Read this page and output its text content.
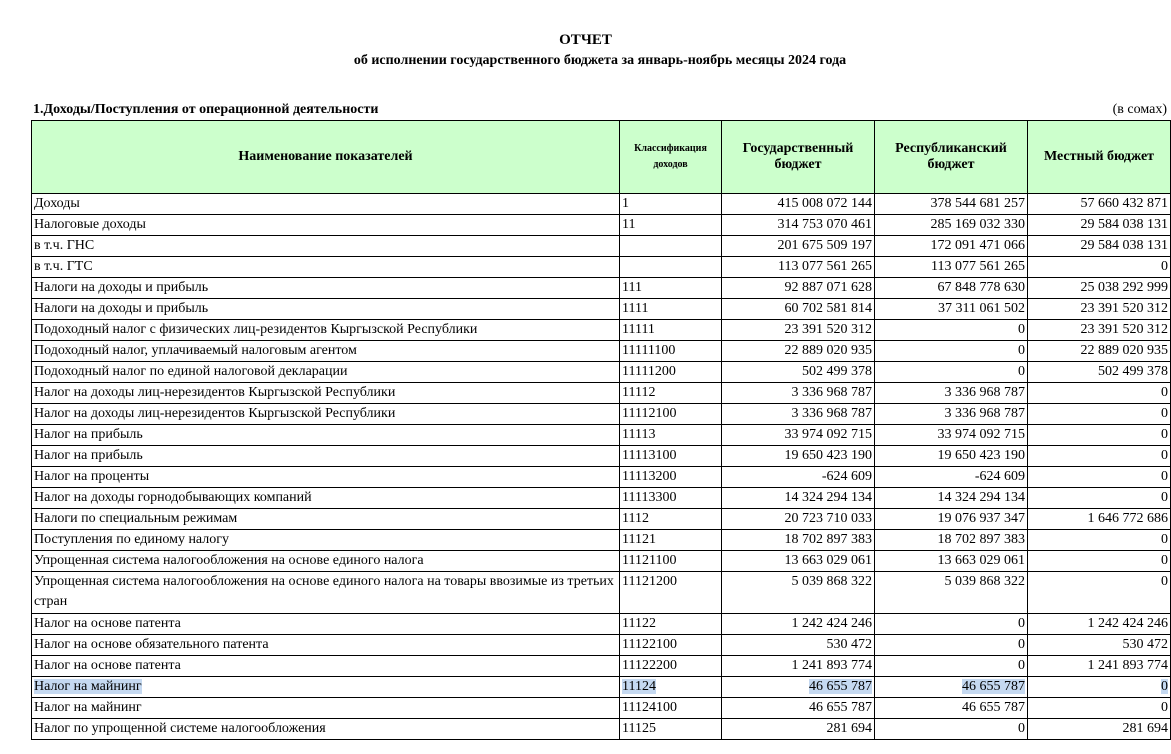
ОТЧЕТ
об исполнении государственного бюджета за январь-ноябрь месяцы 2024 года
1.Доходы/Поступления от операционной деятельности	(в сомах)
Наименование показателей	Классификация доходов	Государственный бюджет	Республиканский бюджет	Местный бюджет
Доходы	1	415 008 072 144	378 544 681 257	57 660 432 871
Налоговые доходы	11	314 753 070 461	285 169 032 330	29 584 038 131
в т.ч. ГНС		201 675 509 197	172 091 471 066	29 584 038 131
в т.ч. ГТС		113 077 561 265	113 077 561 265	0
Налоги на доходы и прибыль	111	92 887 071 628	67 848 778 630	25 038 292 999
Налоги на доходы и прибыль	1111	60 702 581 814	37 311 061 502	23 391 520 312
Подоходный налог с физических лиц-резидентов Кыргызской Республики	11111	23 391 520 312	0	23 391 520 312
Подоходный налог, уплачиваемый налоговым агентом	11111100	22 889 020 935	0	22 889 020 935
Подоходный налог по единой налоговой декларации	11111200	502 499 378	0	502 499 378
Налог на доходы лиц-нерезидентов Кыргызской Республики	11112	3 336 968 787	3 336 968 787	0
Налог на доходы лиц-нерезидентов Кыргызской Республики	11112100	3 336 968 787	3 336 968 787	0
Налог на прибыль	11113	33 974 092 715	33 974 092 715	0
Налог на прибыль	11113100	19 650 423 190	19 650 423 190	0
Налог на проценты	11113200	-624 609	-624 609	0
Налог на доходы горнодобывающих компаний	11113300	14 324 294 134	14 324 294 134	0
Налоги по специальным режимам	1112	20 723 710 033	19 076 937 347	1 646 772 686
Поступления по единому налогу	11121	18 702 897 383	18 702 897 383	0
Упрощенная система налогообложения на основе единого налога	11121100	13 663 029 061	13 663 029 061	0
Упрощенная система налогообложения на основе единого налога на товары ввозимые из третьих стран	11121200	5 039 868 322	5 039 868 322	0
Налог на основе патента	11122	1 242 424 246	0	1 242 424 246
Налог на основе обязательного патента	11122100	530 472	0	530 472
Налог на основе патента	11122200	1 241 893 774	0	1 241 893 774
Налог на майнинг	11124	46 655 787	46 655 787	0
Налог на майнинг	11124100	46 655 787	46 655 787	0
Налог по упрощенной системе налогообложения	11125	281 694	0	281 694
